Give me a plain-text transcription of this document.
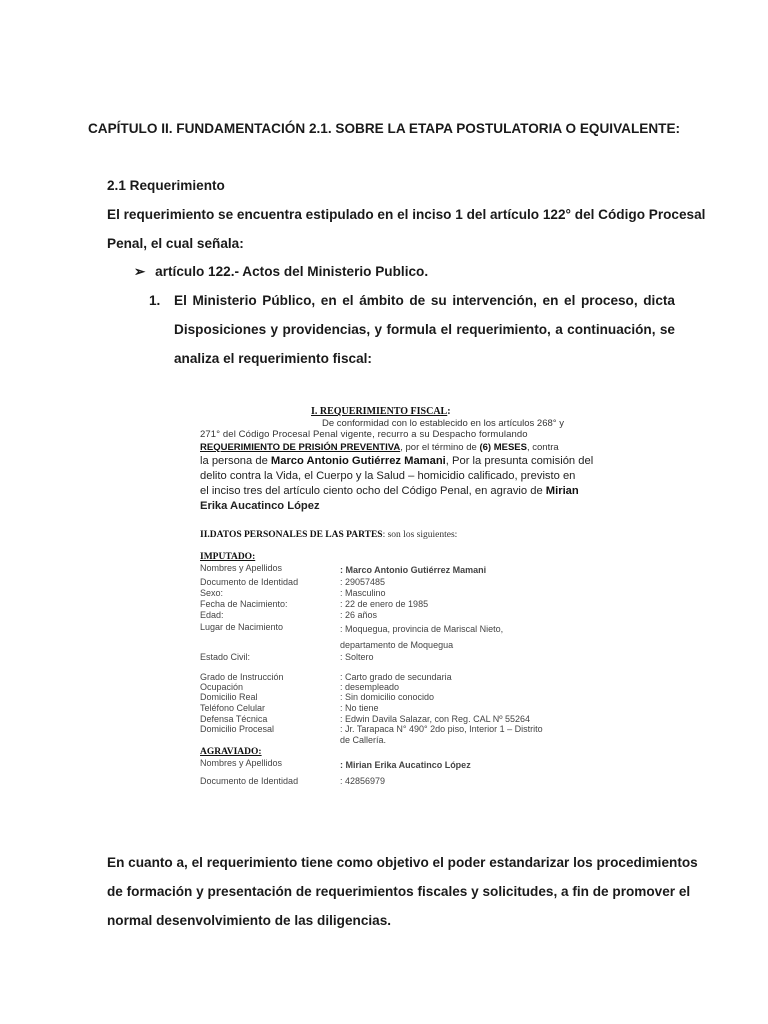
CAPÍTULO II. FUNDAMENTACIÓN 2.1. SOBRE LA ETAPA POSTULATORIA O EQUIVALENTE:
2.1 Requerimiento
El requerimiento se encuentra estipulado en el inciso 1 del artículo 122° del Código Procesal
Penal, el cual señala:
➢ artículo 122.- Actos del Ministerio Publico.
1. El Ministerio Público, en el ámbito de su intervención, en el proceso, dicta
Disposiciones y providencias, y formula el requerimiento, a continuación, se
analiza el requerimiento fiscal:
I. REQUERIMIENTO FISCAL:
De conformidad con lo establecido en los artículos 268° y
271° del Código Procesal Penal vigente, recurro a su Despacho formulando
REQUERIMIENTO DE PRISIÓN PREVENTIVA, por el término de (6) MESES, contra
la persona de Marco Antonio Gutiérrez Mamani, Por la presunta comisión del
delito contra la Vida, el Cuerpo y la Salud – homicidio calificado, previsto en
el inciso tres del artículo ciento ocho del Código Penal, en agravio de Mirian
Erika Aucatinco López
II.DATOS PERSONALES DE LAS PARTES: son los siguientes:
IMPUTADO:
Nombres y Apellidos	: Marco Antonio Gutiérrez Mamani
Documento de Identidad	: 29057485
Sexo:	: Masculino
Fecha de Nacimiento:	: 22 de enero de 1985
Edad:	: 26 años
Lugar de Nacimiento	: Moquegua, provincia de Mariscal Nieto,
departamento de Moquegua
Estado Civil:	: Soltero
Grado de Instrucción	: Carto grado de secundaria
Ocupación	: desempleado
Domicilio Real	: Sin domicilio conocido
Teléfono Celular	: No tiene
Defensa Técnica	: Edwin Davila Salazar, con Reg. CAL Nº 55264
Domicilio Procesal	: Jr. Tarapaca N° 490° 2do piso, Interior 1 – Distrito
de Callería.
AGRAVIADO:
Nombres y Apellidos	: Mirian Erika Aucatinco López
Documento de Identidad	: 42856979
En cuanto a, el requerimiento tiene como objetivo el poder estandarizar los procedimientos
de formación y presentación de requerimientos fiscales y solicitudes, a fin de promover el
normal desenvolvimiento de las diligencias.
